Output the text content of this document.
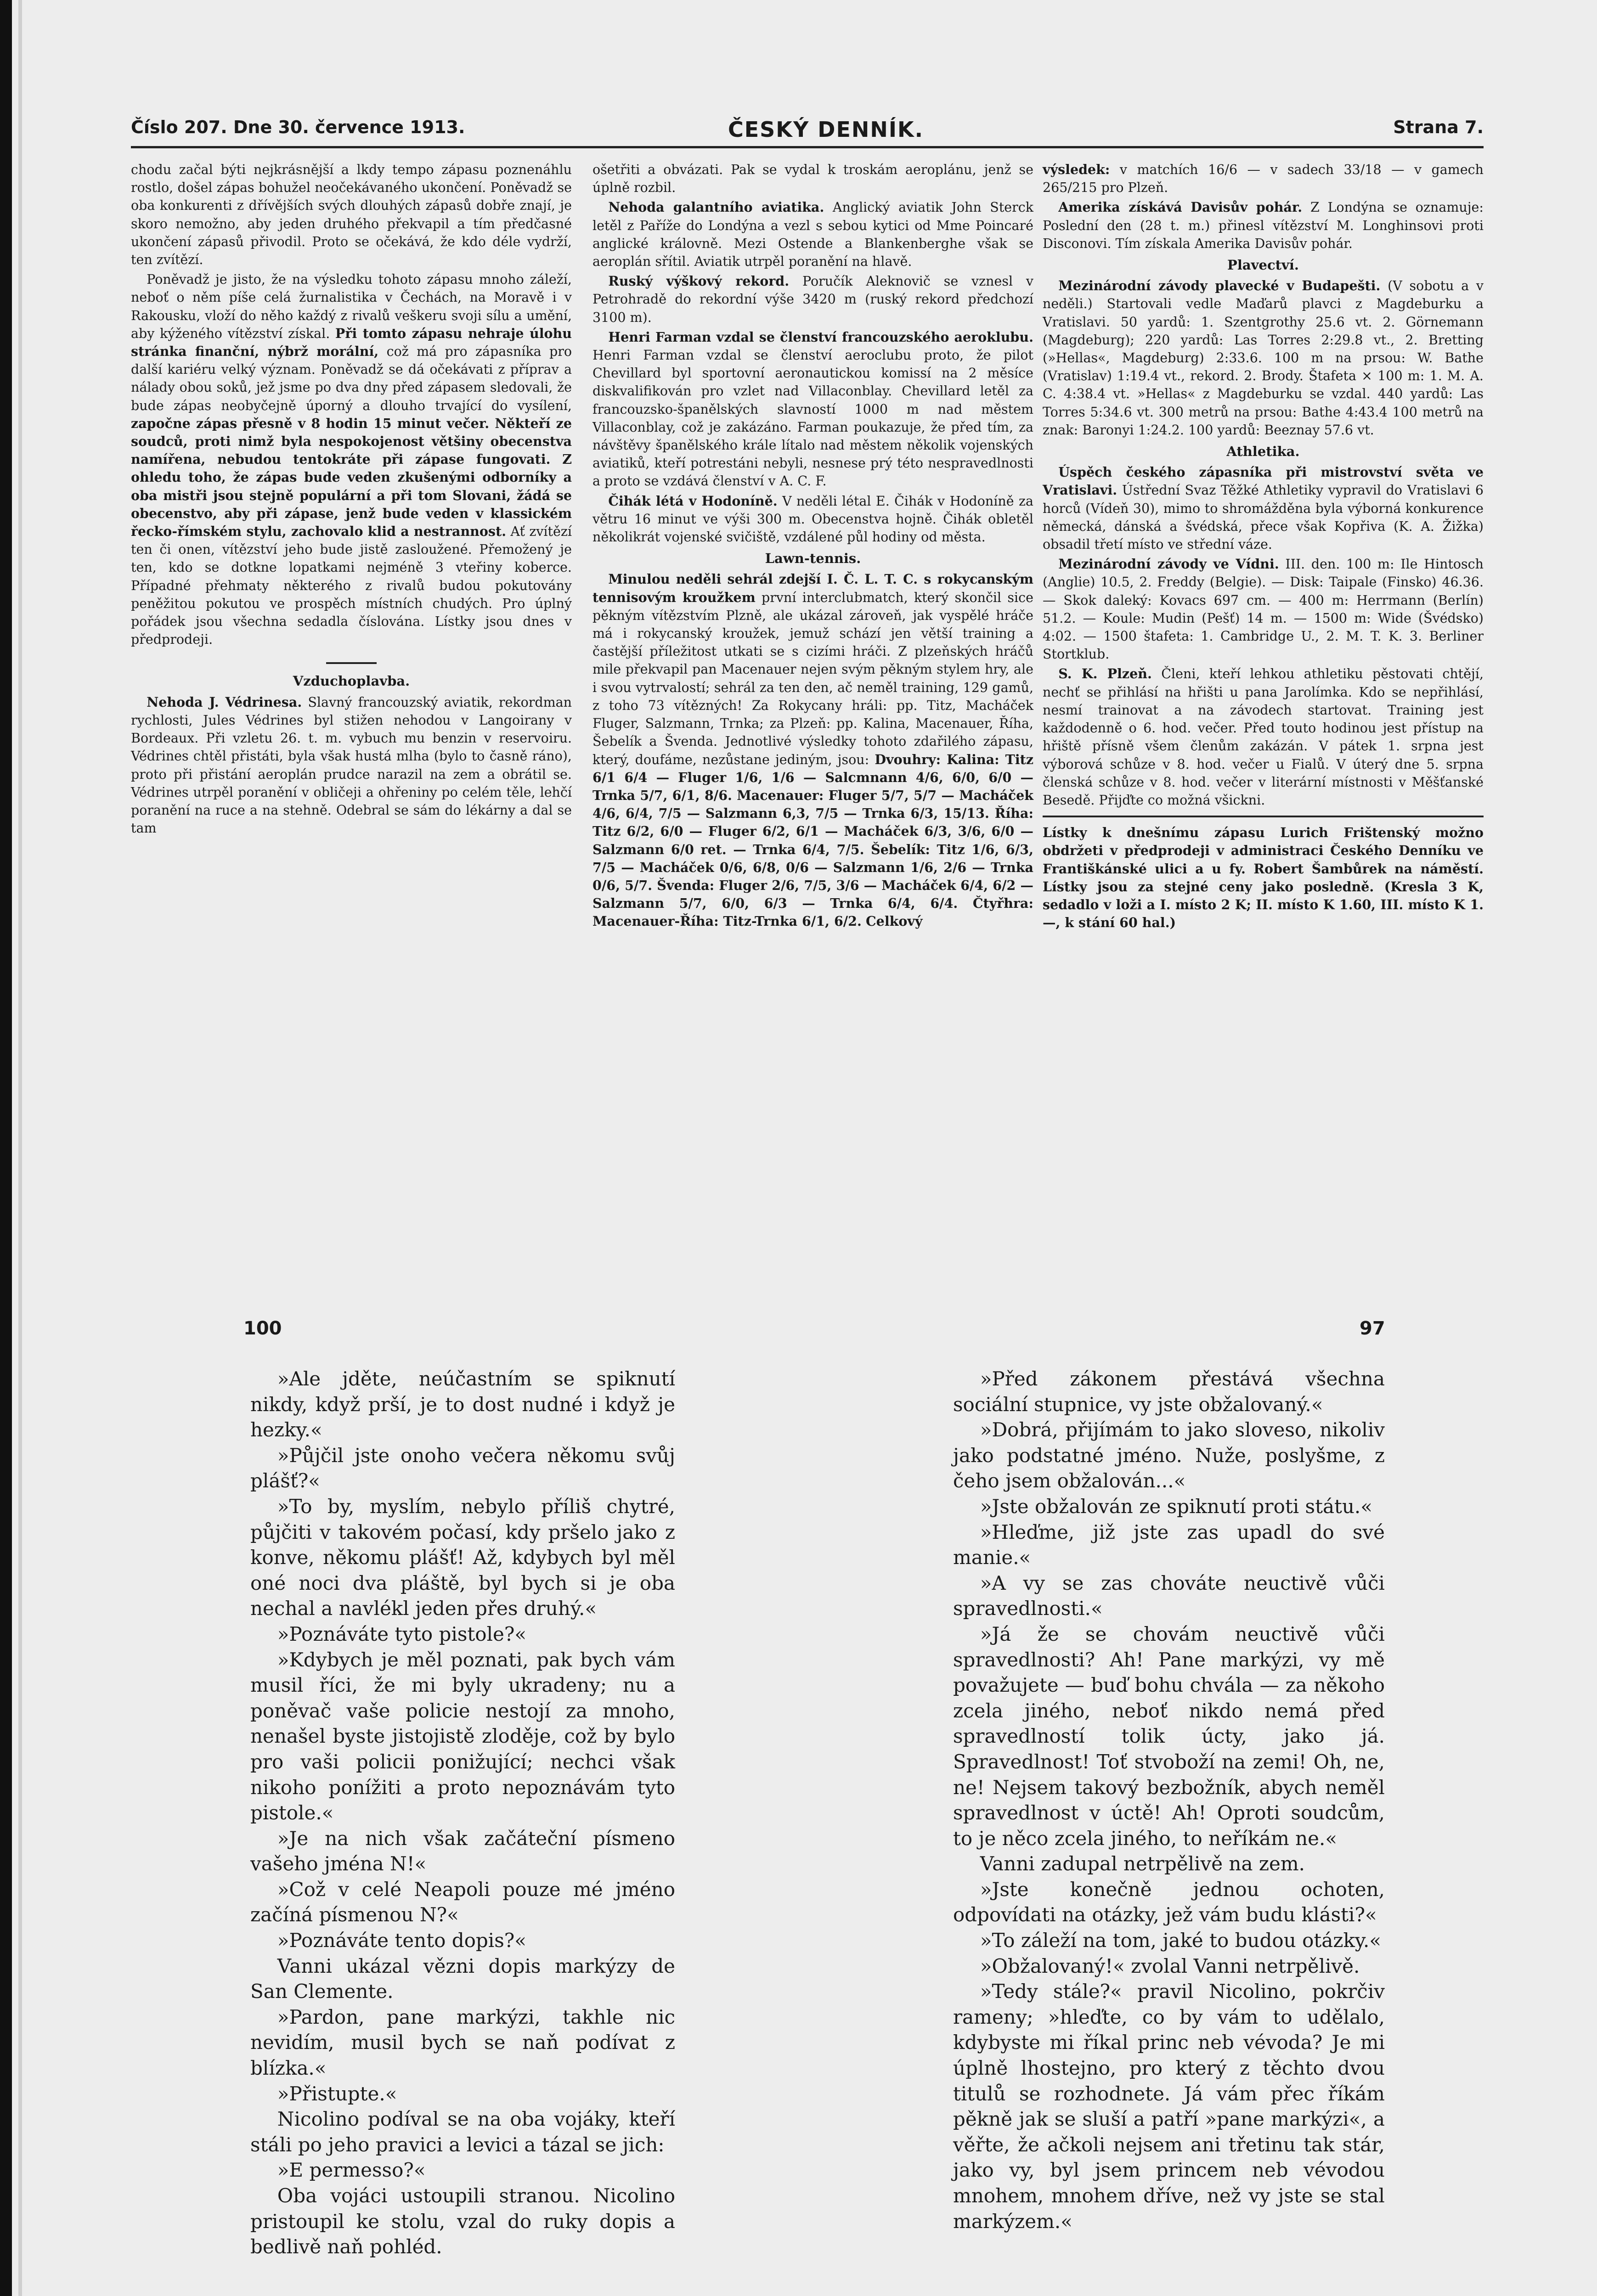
Číslo 207. Dne 30. července 1913.	ČESKÝ DENNÍK.	Strana 7.

chodu začal býti nejkrásnější a lkdy tempo zápasu poznenáhlu rostlo, došel zápas bohužel neočekávaného ukončení. Poněvadž se oba konkurenti z dřívějších svých dlouhých zápasů dobře znají, je skoro nemožno, aby jeden druhého překvapil a tím předčasné ukončení zápasů přivodil. Proto se očekává, že kdo déle vydrží, ten zvítězí.

Poněvadž je jisto, že na výsledku tohoto zápasu mnoho záleží, neboť o něm píše celá žurnalistika v Čechách, na Moravě i v Rakousku, vloží do něho každý z rivalů veškeru svoji sílu a umění, aby kýženého vítězství získal. Při tomto zápasu nehraje úlohu stránka finanční, nýbrž morální, což má pro zápasníka pro další kariéru velký význam. Poněvadž se dá očekávati z příprav a nálady obou soků, jež jsme po dva dny před zápasem sledovali, že bude zápas neobyčejně úporný a dlouho trvající do vysílení, započne zápas přesně v 8 hodin 15 minut večer. Někteří ze soudců, proti nimž byla nespokojenost většiny obecenstva namířena, nebudou tentokráte při zápase fungovati. Z ohledu toho, že zápas bude veden zkušenými odborníky a oba mistři jsou stejně populární a při tom Slovani, žádá se obecenstvo, aby při zápase, jenž bude veden v klassickém řecko-římském stylu, zachovalo klid a nestrannost. Ať zvítězí ten či onen, vítězství jeho bude jistě zasloužené. Přemožený je ten, kdo se dotkne lopatkami nejméně 3 vteřiny koberce. Případné přehmaty některého z rivalů budou pokutovány peněžitou pokutou ve prospěch místních chudých. Pro úplný pořádek jsou všechna sedadla číslována. Lístky jsou dnes v předprodeji.

Vzduchoplavba.

Nehoda J. Védrinesa. Slavný francouzský aviatik, rekordman rychlosti, Jules Védrines byl stižen nehodou v Langoirany v Bordeaux. Při vzletu 26. t. m. vybuch mu benzin v reservoiru. Védrines chtěl přistáti, byla však hustá mlha (bylo to časně ráno), proto při přistání aeroplán prudce narazil na zem a obrátil se. Védrines utrpěl poranění v obličeji a ohřeniny po celém těle, lehčí poranění na ruce a na stehně. Odebral se sám do lékárny a dal se tam

ošetřiti a obvázati. Pak se vydal k troskám aeroplánu, jenž se úplně rozbil.

Nehoda galantního aviatika. Anglický aviatik John Sterck letěl z Paříže do Londýna a vezl s sebou kytici od Mme Poincaré anglické královně. Mezi Ostende a Blankenberghe však se aeroplán sřítil. Aviatik utrpěl poranění na hlavě.

Ruský výškový rekord. Poručík Aleknovič se vznesl v Petrohradě do rekordní výše 3420 m (ruský rekord předchozí 3100 m).

Henri Farman vzdal se členství francouzského aeroklubu. Henri Farman vzdal se členství aeroclubu proto, že pilot Chevillard byl sportovní aeronautickou komissí na 2 měsíce diskvalifikován pro vzlet nad Villaconblay. Chevillard letěl za francouzsko-španělských slavností 1000 m nad městem Villaconblay, což je zakázáno. Farman poukazuje, že před tím, za návštěvy španělského krále lítalo nad městem několik vojenských aviatiků, kteří potrestáni nebyli, nesnese prý této nespravedlnosti a proto se vzdává členství v A. C. F.

Čihák létá v Hodoníně. V neděli létal E. Čihák v Hodoníně za větru 16 minut ve výši 300 m. Obecenstva hojně. Čihák obletěl několikrát vojenské svičiště, vzdálené půl hodiny od města.

Lawn-tennis.

Minulou neděli sehrál zdejší I. Č. L. T. C. s rokycanským tennisovým kroužkem první interclubmatch, který skončil sice pěkným vítězstvím Plzně, ale ukázal zároveň, jak vyspělé hráče má i rokycanský kroužek, jemuž schází jen větší training a častější příležitost utkati se s cizími hráči. Z plzeňských hráčů mile překvapil pan Macenauer nejen svým pěkným stylem hry, ale i svou vytrvalostí; sehrál za ten den, ač neměl training, 129 gamů, z toho 73 vítězných! Za Rokycany hráli: pp. Titz, Macháček Fluger, Salzmann, Trnka; za Plzeň: pp. Kalina, Macenauer, Říha, Šebelík a Švenda. Jednotlivé výsledky tohoto zdařilého zápasu, který, doufáme, nezůstane jediným, jsou: Dvouhry: Kalina: Titz 6/1 6/4 — Fluger 1/6, 1/6 — Salcmnann 4/6, 6/0, 6/0 — Trnka 5/7, 6/1, 8/6. Macenauer: Fluger 5/7, 5/7 — Macháček 4/6, 6/4, 7/5 — Salzmann 6,3, 7/5 — Trnka 6/3, 15/13. Říha: Titz 6/2, 6/0 — Fluger 6/2, 6/1 — Macháček 6/3, 3/6, 6/0 — Salzmann 6/0 ret. — Trnka 6/4, 7/5. Šebelík: Titz 1/6, 6/3, 7/5 — Macháček 0/6, 6/8, 0/6 — Salzmann 1/6, 2/6 — Trnka 0/6, 5/7. Švenda: Fluger 2/6, 7/5, 3/6 — Macháček 6/4, 6/2 — Salzmann 5/7, 6/0, 6/3 — Trnka 6/4, 6/4. Čtyřhra: Macenauer-Říha: Titz-Trnka 6/1, 6/2. Celkový

výsledek: v matchích 16/6 — v sadech 33/18 — v gamech 265/215 pro Plzeň.

Amerika získává Davisův pohár. Z Londýna se oznamuje: Poslední den (28 t. m.) přinesl vítězství M. Longhinsovi proti Disconovi. Tím získala Amerika Davisův pohár.

Plavectví.

Mezinárodní závody plavecké v Budapešti. (V sobotu a v neděli.) Startovali vedle Maďarů plavci z Magdeburku a Vratislavi. 50 yardů: 1. Szentgrothy 25.6 vt. 2. Görnemann (Magdeburg); 220 yardů: Las Torres 2:29.8 vt., 2. Bretting (»Hellas«, Magdeburg) 2:33.6. 100 m na prsou: W. Bathe (Vratislav) 1:19.4 vt., rekord. 2. Brody. Štafeta × 100 m: 1. M. A. C. 4:38.4 vt. »Hellas« z Magdeburku se vzdal. 440 yardů: Las Torres 5:34.6 vt. 300 metrů na prsou: Bathe 4:43.4 100 metrů na znak: Baronyi 1:24.2. 100 yardů: Beeznay 57.6 vt.

Athletika.

Úspěch českého zápasníka při mistrovství světa ve Vratislavi. Ústřední Svaz Těžké Athletiky vypravil do Vratislavi 6 horců (Vídeň 30), mimo to shromážděna byla výborná konkurence německá, dánská a švédská, přece však Kopřiva (K. A. Žižka) obsadil třetí místo ve střední váze.

Mezinárodní závody ve Vídni. III. den. 100 m: Ile Hintosch (Anglie) 10.5, 2. Freddy (Belgie). — Disk: Taipale (Finsko) 46.36. — Skok daleký: Kovacs 697 cm. — 400 m: Herrmann (Berlín) 51.2. — Koule: Mudin (Pešť) 14 m. — 1500 m: Wide (Švédsko) 4:02. — 1500 štafeta: 1. Cambridge U., 2. M. T. K. 3. Berliner Stortklub.

S. K. Plzeň. Členi, kteří lehkou athletiku pěstovati chtějí, nechť se přihlásí na hřišti u pana Jarolímka. Kdo se nepřihlásí, nesmí trainovat a na závodech startovat. Training jest každodenně o 6. hod. večer. Před touto hodinou jest přístup na hřiště přísně všem členům zakázán. V pátek 1. srpna jest výborová schůze v 8. hod. večer u Fialů. V úterý dne 5. srpna členská schůze v 8. hod. večer v literární místnosti v Měšťanské Besedě. Přijďte co možná všickni.

Lístky k dnešnímu zápasu Lurich Frištenský možno obdržeti v předprodeji v administraci Českého Denníku ve Františkánské ulici a u fy. Robert Šambůrek na náměstí. Lístky jsou za stejné ceny jako posledně. (Kresla 3 K, sedadlo v loži a I. místo 2 K; II. místo K 1.60, III. místo K 1.—, k stání 60 hal.)

100	97

»Ale jděte, neúčastním se spiknutí nikdy, když prší, je to dost nudné i když je hezky.«

»Půjčil jste onoho večera někomu svůj plášť?«

»To by, myslím, nebylo příliš chytré, půjčiti v takovém počasí, kdy pršelo jako z konve, někomu plášť! Až, kdybych byl měl oné noci dva pláště, byl bych si je oba nechal a navlékl jeden přes druhý.«

»Poznáváte tyto pistole?«

»Kdybych je měl poznati, pak bych vám musil říci, že mi byly ukradeny; nu a poněvač vaše policie nestojí za mnoho, nenašel byste jistojistě zloděje, což by bylo pro vaši policii ponižující; nechci však nikoho ponížiti a proto nepoznávám tyto pistole.«

»Je na nich však začáteční písmeno vašeho jména N!«

»Což v celé Neapoli pouze mé jméno začíná písmenou N?«

»Poznáváte tento dopis?«

Vanni ukázal vězni dopis markýzy de San Clemente.

»Pardon, pane markýzi, takhle nic nevidím, musil bych se naň podívat z blízka.«

»Přistupte.«

Nicolino podíval se na oba vojáky, kteří stáli po jeho pravici a levici a tázal se jich:

»E permesso?«

Oba vojáci ustoupili stranou. Nicolino pristoupil ke stolu, vzal do ruky dopis a bedlivě naň pohléd.

»Před zákonem přestává všechna sociální stupnice, vy jste obžalovaný.«

»Dobrá, přijímám to jako sloveso, nikoliv jako podstatné jméno. Nuže, poslyšme, z čeho jsem obžalován...«

»Jste obžalován ze spiknutí proti státu.«

»Hleďme, již jste zas upadl do své manie.«

»A vy se zas chováte neuctivě vůči spravedlnosti.«

»Já že se chovám neuctivě vůči spravedlnosti? Ah! Pane markýzi, vy mě považujete — buď bohu chvála — za někoho zcela jiného, neboť nikdo nemá před spravedlností tolik úcty, jako já. Spravedlnost! Toť stvoboží na zemi! Oh, ne, ne! Nejsem takový bezbožník, abych neměl spravedlnost v úctě! Ah! Oproti soudcům, to je něco zcela jiného, to neříkám ne.«

Vanni zadupal netrpělivě na zem.

»Jste konečně jednou ochoten, odpovídati na otázky, jež vám budu klásti?«

»To záleží na tom, jaké to budou otázky.«

»Obžalovaný!« zvolal Vanni netrpělivě.

»Tedy stále?« pravil Nicolino, pokrčiv rameny; »hleďte, co by vám to udělalo, kdybyste mi říkal princ neb vévoda? Je mi úplně lhostejno, pro který z těchto dvou titulů se rozhodnete. Já vám přec říkám pěkně jak se sluší a patří »pane markýzi«, a věřte, že ačkoli nejsem ani třetinu tak stár, jako vy, byl jsem princem neb vévodou mnohem, mnohem dříve, než vy jste se stal markýzem.«
